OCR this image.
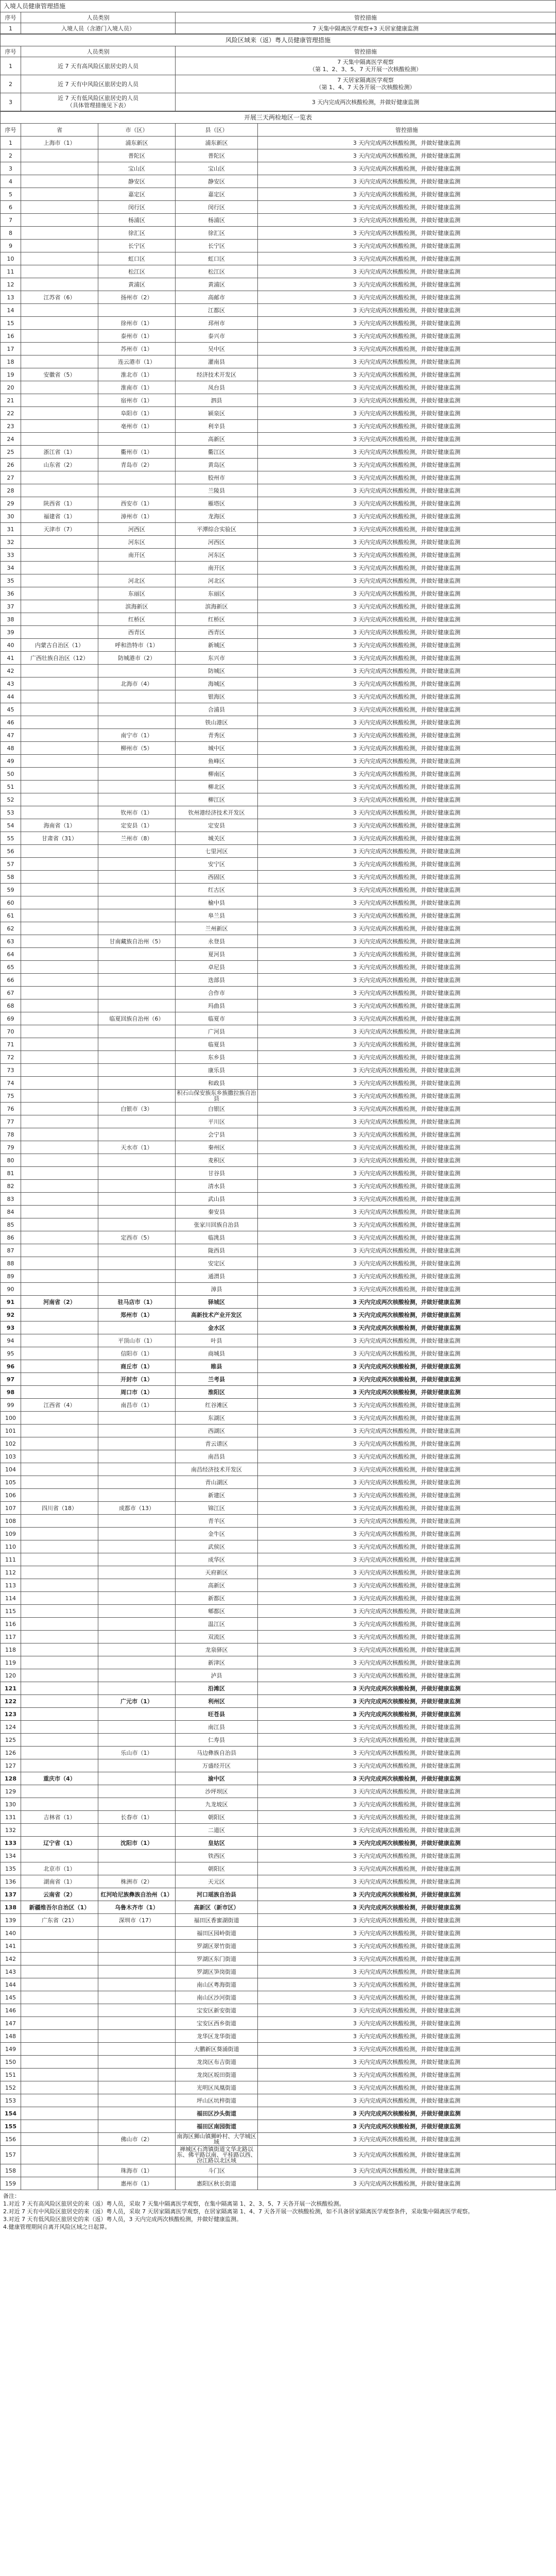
入境人员健康管理措施
序号	人员类别	管控措施
1	入境人员（含港门入境人员）	7 天集中隔离医学观察+3 天居家健康监测
风险区域来（返）粤人员健康管理措施
序号	人员类别	管控措施
1	近 7 天有高风险区旅居史的人员	7 天集中隔离医学观察
（第 1、2、3、5、7 天开展一次核酸检测）
2	近 7 天有中风险区旅居史的人员	7 天居家隔离医学观察
（第 1、4、7 天各开展一次核酸检测）
3	近 7 天有低风险区旅居史的人员
（具体管理措施见下表）	3 天内完成两次核酸检测，并做好健康监测
开展三天两检地区一览表
序号	省	市（区）	县（区）	管控措施
1	上海市（1）	浦东新区	浦东新区	3 天内完成两次核酸检测，并做好健康监测
2		普陀区	普陀区	3 天内完成两次核酸检测，并做好健康监测
3		宝山区	宝山区	3 天内完成两次核酸检测，并做好健康监测
4		静安区	静安区	3 天内完成两次核酸检测，并做好健康监测
5		嘉定区	嘉定区	3 天内完成两次核酸检测，并做好健康监测
6		闵行区	闵行区	3 天内完成两次核酸检测，并做好健康监测
7		杨浦区	杨浦区	3 天内完成两次核酸检测，并做好健康监测
8		徐汇区	徐汇区	3 天内完成两次核酸检测，并做好健康监测
9		长宁区	长宁区	3 天内完成两次核酸检测，并做好健康监测
10		虹口区	虹口区	3 天内完成两次核酸检测，并做好健康监测
11		松江区	松江区	3 天内完成两次核酸检测，并做好健康监测
12		黄浦区	黄浦区	3 天内完成两次核酸检测，并做好健康监测
13	江苏省（6）	扬州市（2）	高邮市	3 天内完成两次核酸检测，并做好健康监测
14			江都区	3 天内完成两次核酸检测，并做好健康监测
15		徐州市（1）	邳州市	3 天内完成两次核酸检测，并做好健康监测
16		泰州市（1）	泰兴市	3 天内完成两次核酸检测，并做好健康监测
17		苏州市（1）	吴中区	3 天内完成两次核酸检测，并做好健康监测
18		连云港市（1）	灌南县	3 天内完成两次核酸检测，并做好健康监测
19	安徽省（5）	淮北市（1）	经济技术开发区	3 天内完成两次核酸检测，并做好健康监测
20		淮南市（1）	凤台县	3 天内完成两次核酸检测，并做好健康监测
21		宿州市（1）	泗县	3 天内完成两次核酸检测，并做好健康监测
22		阜阳市（1）	颍泉区	3 天内完成两次核酸检测，并做好健康监测
23		亳州市（1）	利辛县	3 天内完成两次核酸检测，并做好健康监测
24			高新区	3 天内完成两次核酸检测，并做好健康监测
25	浙江省（1）	衢州市（1）	衢江区	3 天内完成两次核酸检测，并做好健康监测
26	山东省（2）	青岛市（2）	黄岛区	3 天内完成两次核酸检测，并做好健康监测
27			胶州市	3 天内完成两次核酸检测，并做好健康监测
28			兰陵县	3 天内完成两次核酸检测，并做好健康监测
29	陕西省（1）	西安市（1）	雁塔区	3 天内完成两次核酸检测，并做好健康监测
30	福建省（1）	漳州市（1）	龙海区	3 天内完成两次核酸检测，并做好健康监测
31	天津市（7）	河西区	平潭综合实验区	3 天内完成两次核酸检测，并做好健康监测
32		河东区	河西区	3 天内完成两次核酸检测，并做好健康监测
33		南开区	河东区	3 天内完成两次核酸检测，并做好健康监测
34			南开区	3 天内完成两次核酸检测，并做好健康监测
35		河北区	河北区	3 天内完成两次核酸检测，并做好健康监测
36		东丽区	东丽区	3 天内完成两次核酸检测，并做好健康监测
37		滨海新区	滨海新区	3 天内完成两次核酸检测，并做好健康监测
38		红桥区	红桥区	3 天内完成两次核酸检测，并做好健康监测
39		西青区	西青区	3 天内完成两次核酸检测，并做好健康监测
40	内蒙古自治区（1）	呼和浩特市（1）	新城区	3 天内完成两次核酸检测，并做好健康监测
41	广西壮族自治区（12）	防城港市（2）	东兴市	3 天内完成两次核酸检测，并做好健康监测
42			防城区	3 天内完成两次核酸检测，并做好健康监测
43		北海市（4）	海城区	3 天内完成两次核酸检测，并做好健康监测
44			银海区	3 天内完成两次核酸检测，并做好健康监测
45			合浦县	3 天内完成两次核酸检测，并做好健康监测
46			铁山港区	3 天内完成两次核酸检测，并做好健康监测
47		南宁市（1）	青秀区	3 天内完成两次核酸检测，并做好健康监测
48		柳州市（5）	城中区	3 天内完成两次核酸检测，并做好健康监测
49			鱼峰区	3 天内完成两次核酸检测，并做好健康监测
50			柳南区	3 天内完成两次核酸检测，并做好健康监测
51			柳北区	3 天内完成两次核酸检测，并做好健康监测
52			柳江区	3 天内完成两次核酸检测，并做好健康监测
53		钦州市（1）	钦州港经济技术开发区	3 天内完成两次核酸检测，并做好健康监测
54	海南省（1）	定安县（1）	定安县	3 天内完成两次核酸检测，并做好健康监测
55	甘肃省（31）	兰州市（8）	城关区	3 天内完成两次核酸检测，并做好健康监测
56			七里河区	3 天内完成两次核酸检测，并做好健康监测
57			安宁区	3 天内完成两次核酸检测，并做好健康监测
58			西固区	3 天内完成两次核酸检测，并做好健康监测
59			红古区	3 天内完成两次核酸检测，并做好健康监测
60			榆中县	3 天内完成两次核酸检测，并做好健康监测
61			皋兰县	3 天内完成两次核酸检测，并做好健康监测
62			兰州新区	3 天内完成两次核酸检测，并做好健康监测
63		甘南藏族自治州（5）	永登县	3 天内完成两次核酸检测，并做好健康监测
64			夏河县	3 天内完成两次核酸检测，并做好健康监测
65			卓尼县	3 天内完成两次核酸检测，并做好健康监测
66			迭部县	3 天内完成两次核酸检测，并做好健康监测
67			合作市	3 天内完成两次核酸检测，并做好健康监测
68			玛曲县	3 天内完成两次核酸检测，并做好健康监测
69		临夏回族自治州（6）	临夏市	3 天内完成两次核酸检测，并做好健康监测
70			广河县	3 天内完成两次核酸检测，并做好健康监测
71			临夏县	3 天内完成两次核酸检测，并做好健康监测
72			东乡县	3 天内完成两次核酸检测，并做好健康监测
73			康乐县	3 天内完成两次核酸检测，并做好健康监测
74			和政县	3 天内完成两次核酸检测，并做好健康监测
75			积石山保安族东乡族撒拉族自治县	3 天内完成两次核酸检测，并做好健康监测
76		白银市（3）	白银区	3 天内完成两次核酸检测，并做好健康监测
77			平川区	3 天内完成两次核酸检测，并做好健康监测
78			会宁县	3 天内完成两次核酸检测，并做好健康监测
79		天水市（1）	秦州区	3 天内完成两次核酸检测，并做好健康监测
80			麦积区	3 天内完成两次核酸检测，并做好健康监测
81			甘谷县	3 天内完成两次核酸检测，并做好健康监测
82			清水县	3 天内完成两次核酸检测，并做好健康监测
83			武山县	3 天内完成两次核酸检测，并做好健康监测
84			秦安县	3 天内完成两次核酸检测，并做好健康监测
85			张家川回族自治县	3 天内完成两次核酸检测，并做好健康监测
86		定西市（5）	临洮县	3 天内完成两次核酸检测，并做好健康监测
87			陇西县	3 天内完成两次核酸检测，并做好健康监测
88			安定区	3 天内完成两次核酸检测，并做好健康监测
89			通渭县	3 天内完成两次核酸检测，并做好健康监测
90			漳县	3 天内完成两次核酸检测，并做好健康监测
91	河南省（2）	驻马店市（1）	驿城区	3 天内完成两次核酸检测，并做好健康监测
92		郑州市（1）	高新技术产业开发区	3 天内完成两次核酸检测，并做好健康监测
93			金水区	3 天内完成两次核酸检测，并做好健康监测
94		平顶山市（1）	叶县	3 天内完成两次核酸检测，并做好健康监测
95		信阳市（1）	商城县	3 天内完成两次核酸检测，并做好健康监测
96		商丘市（1）	睢县	3 天内完成两次核酸检测，并做好健康监测
97		开封市（1）	兰考县	3 天内完成两次核酸检测，并做好健康监测
98		周口市（1）	淮阳区	3 天内完成两次核酸检测，并做好健康监测
99	江西省（4）	南昌市（1）	红谷滩区	3 天内完成两次核酸检测，并做好健康监测
100			东湖区	3 天内完成两次核酸检测，并做好健康监测
101			西湖区	3 天内完成两次核酸检测，并做好健康监测
102			青云谱区	3 天内完成两次核酸检测，并做好健康监测
103			南昌县	3 天内完成两次核酸检测，并做好健康监测
104			南昌经济技术开发区	3 天内完成两次核酸检测，并做好健康监测
105			青山湖区	3 天内完成两次核酸检测，并做好健康监测
106			新建区	3 天内完成两次核酸检测，并做好健康监测
107	四川省（18）	成都市（13）	锦江区	3 天内完成两次核酸检测，并做好健康监测
108			青羊区	3 天内完成两次核酸检测，并做好健康监测
109			金牛区	3 天内完成两次核酸检测，并做好健康监测
110			武侯区	3 天内完成两次核酸检测，并做好健康监测
111			成华区	3 天内完成两次核酸检测，并做好健康监测
112			天府新区	3 天内完成两次核酸检测，并做好健康监测
113			高新区	3 天内完成两次核酸检测，并做好健康监测
114			新都区	3 天内完成两次核酸检测，并做好健康监测
115			郫都区	3 天内完成两次核酸检测，并做好健康监测
116			温江区	3 天内完成两次核酸检测，并做好健康监测
117			双流区	3 天内完成两次核酸检测，并做好健康监测
118			龙泉驿区	3 天内完成两次核酸检测，并做好健康监测
119			新津区	3 天内完成两次核酸检测，并做好健康监测
120			泸县	3 天内完成两次核酸检测，并做好健康监测
121			沿滩区	3 天内完成两次核酸检测，并做好健康监测
122		广元市（1）	利州区	3 天内完成两次核酸检测，并做好健康监测
123			旺苍县	3 天内完成两次核酸检测，并做好健康监测
124			南江县	3 天内完成两次核酸检测，并做好健康监测
125			仁寿县	3 天内完成两次核酸检测，并做好健康监测
126		乐山市（1）	马边彝族自治县	3 天内完成两次核酸检测，并做好健康监测
127			万盛经开区	3 天内完成两次核酸检测，并做好健康监测
128	重庆市（4）		渝中区	3 天内完成两次核酸检测，并做好健康监测
129			沙坪坝区	3 天内完成两次核酸检测，并做好健康监测
130			九龙坡区	3 天内完成两次核酸检测，并做好健康监测
131	吉林省（1）	长春市（1）	朝阳区	3 天内完成两次核酸检测，并做好健康监测
132			二道区	3 天内完成两次核酸检测，并做好健康监测
133	辽宁省（1）	沈阳市（1）	皇姑区	3 天内完成两次核酸检测，并做好健康监测
134			铁西区	3 天内完成两次核酸检测，并做好健康监测
135	北京市（1）		朝阳区	3 天内完成两次核酸检测，并做好健康监测
136	湖南省（1）	株洲市（2）	天元区	3 天内完成两次核酸检测，并做好健康监测
137	云南省（2）	红河哈尼族彝族自治州（1）	河口瑶族自治县	3 天内完成两次核酸检测，并做好健康监测
138	新疆维吾尔自治区（1）	乌鲁木齐市（1）	高新区（新市区）	3 天内完成两次核酸检测，并做好健康监测
139	广东省（21）	深圳市（17）	福田区香蜜湖街道	3 天内完成两次核酸检测，并做好健康监测
140			福田区园岭街道	3 天内完成两次核酸检测，并做好健康监测
141			罗湖区翠竹街道	3 天内完成两次核酸检测，并做好健康监测
142			罗湖区东门街道	3 天内完成两次核酸检测，并做好健康监测
143			罗湖区笋岗街道	3 天内完成两次核酸检测，并做好健康监测
144			南山区粤海街道	3 天内完成两次核酸检测，并做好健康监测
145			南山区沙河街道	3 天内完成两次核酸检测，并做好健康监测
146			宝安区新安街道	3 天内完成两次核酸检测，并做好健康监测
147			宝安区西乡街道	3 天内完成两次核酸检测，并做好健康监测
148			龙华区龙华街道	3 天内完成两次核酸检测，并做好健康监测
149			大鹏新区葵涌街道	3 天内完成两次核酸检测，并做好健康监测
150			龙岗区布吉街道	3 天内完成两次核酸检测，并做好健康监测
151			龙岗区坂田街道	3 天内完成两次核酸检测，并做好健康监测
152			光明区凤凰街道	3 天内完成两次核酸检测，并做好健康监测
153			坪山区坑梓街道	3 天内完成两次核酸检测，并做好健康监测
154			福田区沙头街道	3 天内完成两次核酸检测，并做好健康监测
155			福田区南园街道	3 天内完成两次核酸检测，并做好健康监测
156		佛山市（2）	南海区狮山镇狮岭村、大学城区域	3 天内完成两次核酸检测，并做好健康监测
157			禅城区石湾镇街道文华北路以东、佛平路以南、平桂路以西、汾江路以北区域	3 天内完成两次核酸检测，并做好健康监测
158		珠海市（1）	斗门区	3 天内完成两次核酸检测，并做好健康监测
159		惠州市（1）	惠阳区秋长街道	3 天内完成两次核酸检测，并做好健康监测
备注：
1.对近 7 天有高风险区旅居史的来（返）粤人员，采取 7 天集中隔离医学观察，在集中隔离第 1、2、3、5、7 天各开展一次核酸检测。
2.对近 7 天有中风险区旅居史的来（返）粤人员，采取 7 天居家隔离医学观察，在居家隔离第 1、4、7 天各开展一次核酸检测，如不具备居家隔离医学观察条件，采取集中隔离医学观察。
3.对近 7 天有低风险区旅居史的来（返）粤人员，3 天内完成两次核酸检测，并做好健康监测。
4.健康管理期间自离开风险区域之日起算。
